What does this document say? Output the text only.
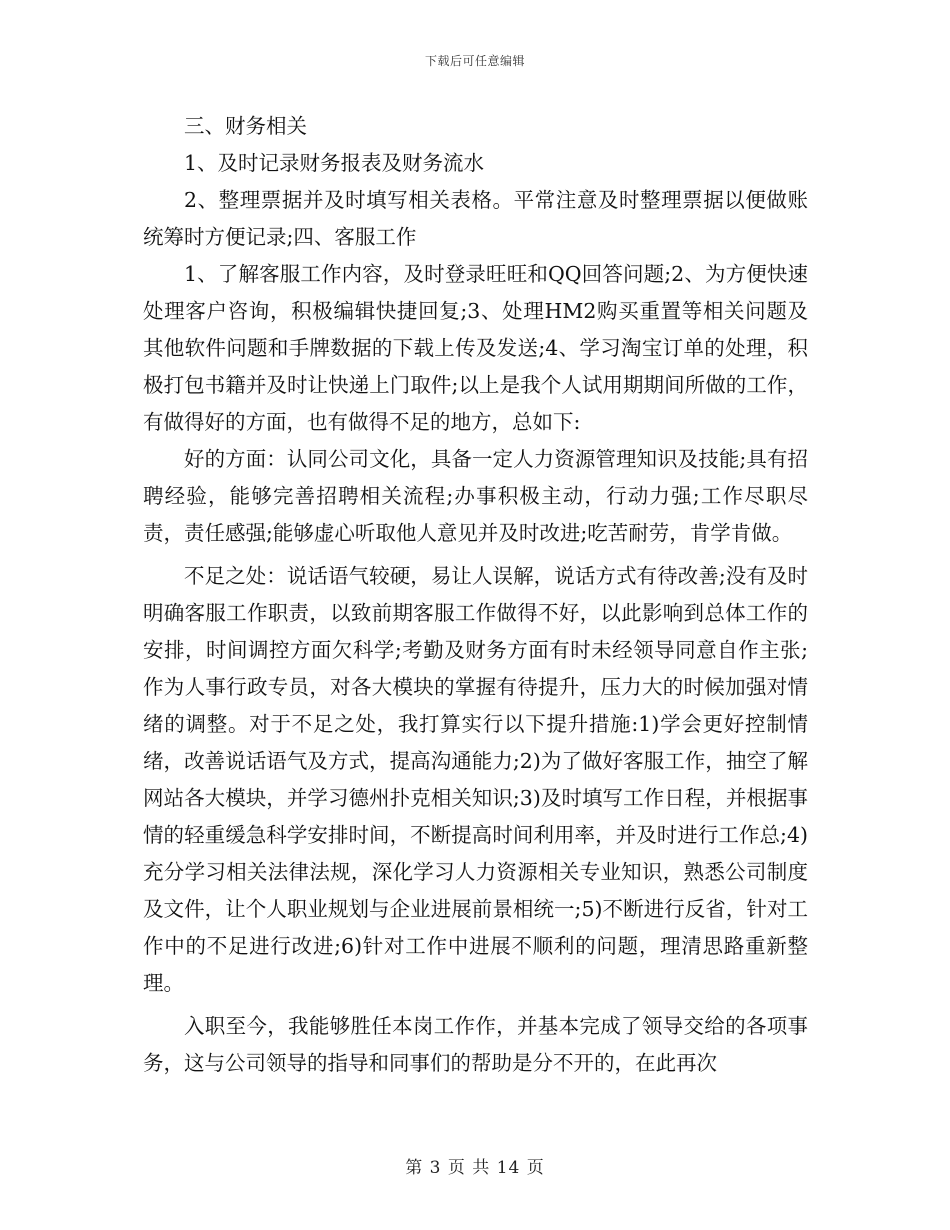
下载后可任意编辑

三、财务相关

1、及时记录财务报表及财务流水

2、整理票据并及时填写相关表格。平常注意及时整理票据以便做账统筹时方便记录;四、客服工作

1、了解客服工作内容，及时登录旺旺和QQ回答问题;2、为方便快速处理客户咨询，积极编辑快捷回复;3、处理HM2购买重置等相关问题及其他软件问题和手牌数据的下载上传及发送;4、学习淘宝订单的处理，积极打包书籍并及时让快递上门取件;以上是我个人试用期期间所做的工作，有做得好的方面，也有做得不足的地方，总如下:

好的方面：认同公司文化，具备一定人力资源管理知识及技能;具有招聘经验，能够完善招聘相关流程;办事积极主动，行动力强;工作尽职尽责，责任感强;能够虚心听取他人意见并及时改进;吃苦耐劳，肯学肯做。

不足之处：说话语气较硬，易让人误解，说话方式有待改善;没有及时明确客服工作职责，以致前期客服工作做得不好，以此影响到总体工作的安排，时间调控方面欠科学;考勤及财务方面有时未经领导同意自作主张;作为人事行政专员，对各大模块的掌握有待提升，压力大的时候加强对情绪的调整。对于不足之处，我打算实行以下提升措施:1)学会更好控制情绪，改善说话语气及方式，提高沟通能力;2)为了做好客服工作，抽空了解网站各大模块，并学习德州扑克相关知识;3)及时填写工作日程，并根据事情的轻重缓急科学安排时间，不断提高时间利用率，并及时进行工作总;4)充分学习相关法律法规，深化学习人力资源相关专业知识，熟悉公司制度及文件，让个人职业规划与企业进展前景相统一;5)不断进行反省，针对工作中的不足进行改进;6)针对工作中进展不顺利的问题，理清思路重新整理。

入职至今，我能够胜任本岗工作作，并基本完成了领导交给的各项事务，这与公司领导的指导和同事们的帮助是分不开的，在此再次

第 3 页 共 14 页
